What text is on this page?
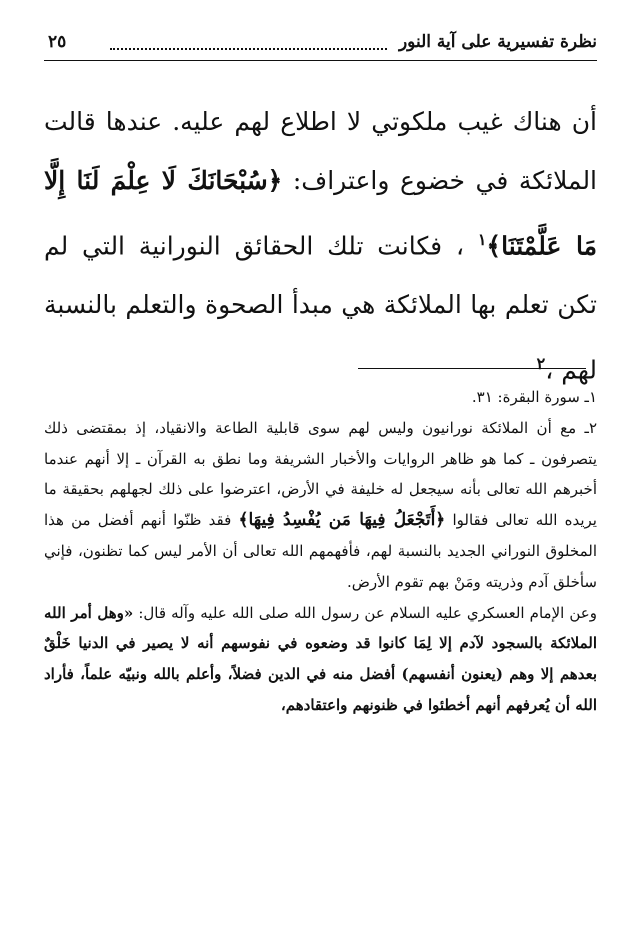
نظرة تفسيرية على آية النور
٢٥
أن هناك غيب ملكوتي لا اطلاع لهم عليه. عندها قالت الملائكة في خضوع واعتراف: ﴿سُبْحَانَكَ لَا عِلْمَ لَنَا إِلَّا مَا عَلَّمْتَنَا﴾$^١$ ، فكانت تلك الحقائق النورانية التي لم تكن تعلم بها الملائكة هي مبدأ الصحوة والتعلم بالنسبة لهم ،$^٢$

١ـ سورة البقرة: ٣١.

٢ـ مع أن الملائكة نورانيون وليس لهم سوى قابلية الطاعة والانقياد، إذ بمقتضى ذلك يتصرفون ـ كما هو ظاهر الروايات والأخبار الشريفة وما نطق به القرآن ـ إلا أنهم عندما أخبرهم الله تعالى بأنه سيجعل له خليفة في الأرض، اعترضوا على ذلك لجهلهم بحقيقة ما يريده الله تعالى فقالوا ﴿أَتَجْعَلُ فِيهَا مَن يُفْسِدُ فِيهَا﴾ فقد ظنّوا أنهم أفضل من هذا المخلوق النوراني الجديد بالنسبة لهم، فأفهمهم الله تعالى أن الأمر ليس كما تظنون، فإني سأخلق آدم وذريته ومَنْ بهم تقوم الأرض.

وعن الإمام العسكري عليه السلام عن رسول الله صلى الله عليه وآله قال: «وهل أمر الله الملائكة بالسجود لآدم إلا لِمَا كانوا قد وضعوه في نفوسهم أنه لا يصير في الدنيا خَلْقٌ بعدهم إلا وهم (يعنون أنفسهم) أفضل منه في الدين فضلاً، وأعلم بالله ونبيّه علماً، فأراد الله أن يُعرفهم أنهم أخطئوا في ظنونهم واعتقادهم،
